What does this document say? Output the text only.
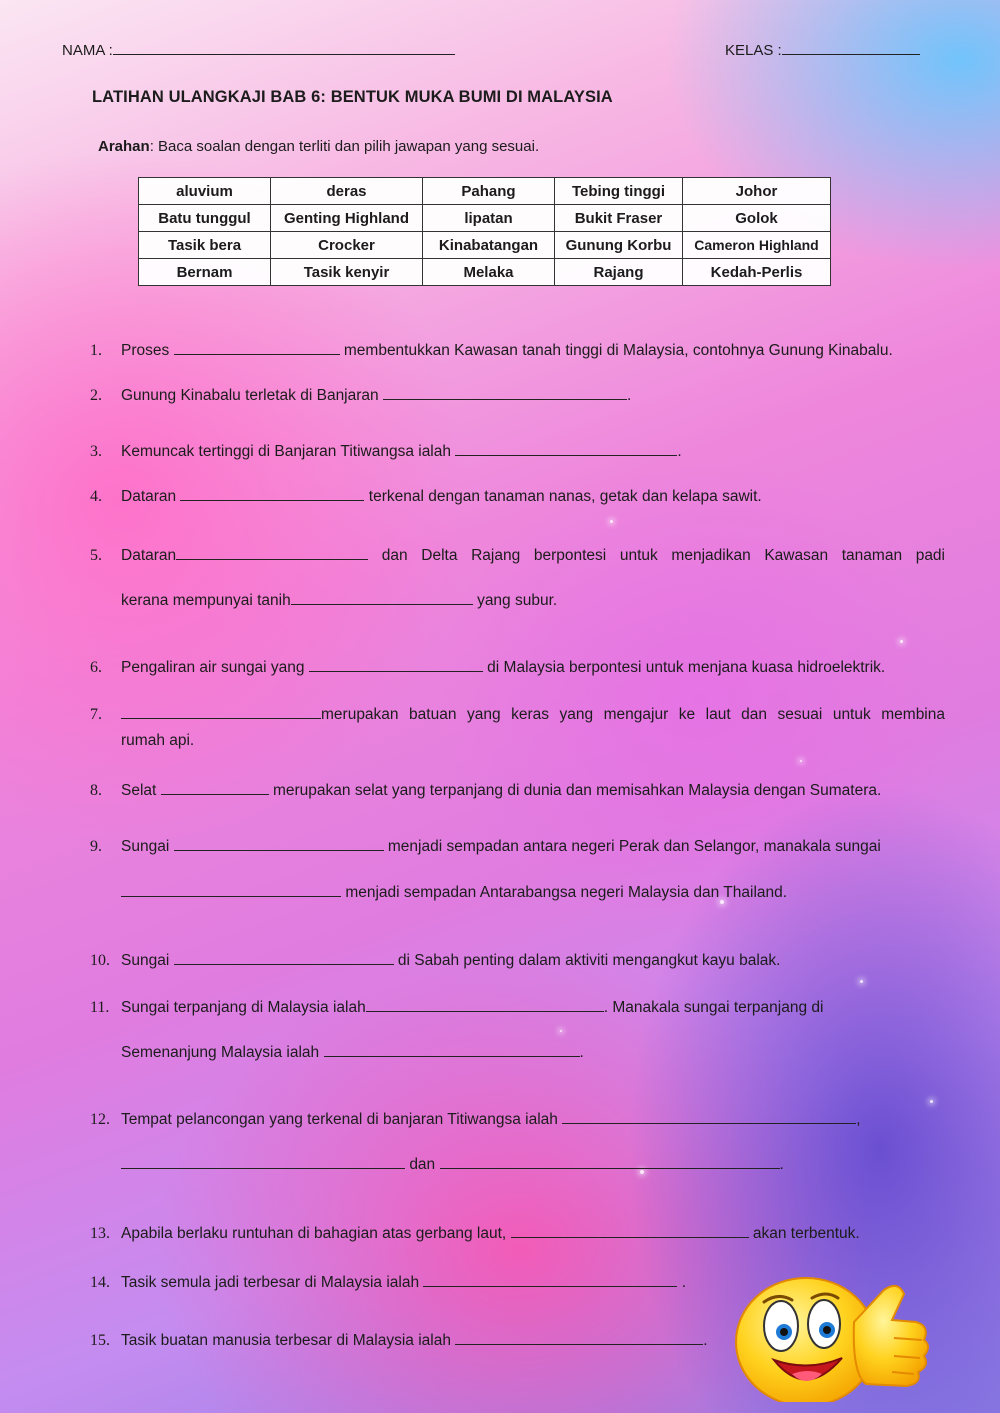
NAMA :	KELAS :
LATIHAN ULANGKAJI BAB 6: BENTUK MUKA BUMI DI MALAYSIA
Arahan: Baca soalan dengan terliti dan pilih jawapan yang sesuai.
aluvium	deras	Pahang	Tebing tinggi	Johor
Batu tunggul	Genting Highland	lipatan	Bukit Fraser	Golok
Tasik bera	Crocker	Kinabatangan	Gunung Korbu	Cameron Highland
Bernam	Tasik kenyir	Melaka	Rajang	Kedah-Perlis
1. Proses	membentukkan Kawasan tanah tinggi di Malaysia, contohnya Gunung Kinabalu.
2. Gunung Kinabalu terletak di Banjaran	.
3. Kemuncak tertinggi di Banjaran Titiwangsa ialah	.
4. Dataran	terkenal dengan tanaman nanas, getak dan kelapa sawit.
5. Dataran	dan Delta Rajang berpontesi untuk menjadikan Kawasan tanaman padi
kerana mempunyai tanih	yang subur.
6. Pengaliran air sungai yang	di Malaysia berpontesi untuk menjana kuasa hidroelektrik.
7.	merupakan batuan yang keras yang mengajur ke laut dan sesuai untuk membina
rumah api.
8. Selat	merupakan selat yang terpanjang di dunia dan memisahkan Malaysia dengan Sumatera.
9. Sungai	menjadi sempadan antara negeri Perak dan Selangor, manakala sungai
menjadi sempadan Antarabangsa negeri Malaysia dan Thailand.
10. Sungai	di Sabah penting dalam aktiviti mengangkut kayu balak.
11. Sungai terpanjang di Malaysia ialah	. Manakala sungai terpanjang di
Semenanjung Malaysia ialah	.
12. Tempat pelancongan yang terkenal di banjaran Titiwangsa ialah	,
dan	.
13. Apabila berlaku runtuhan di bahagian atas gerbang laut,	akan terbentuk.
14. Tasik semula jadi terbesar di Malaysia ialah	.
15. Tasik buatan manusia terbesar di Malaysia ialah	.
